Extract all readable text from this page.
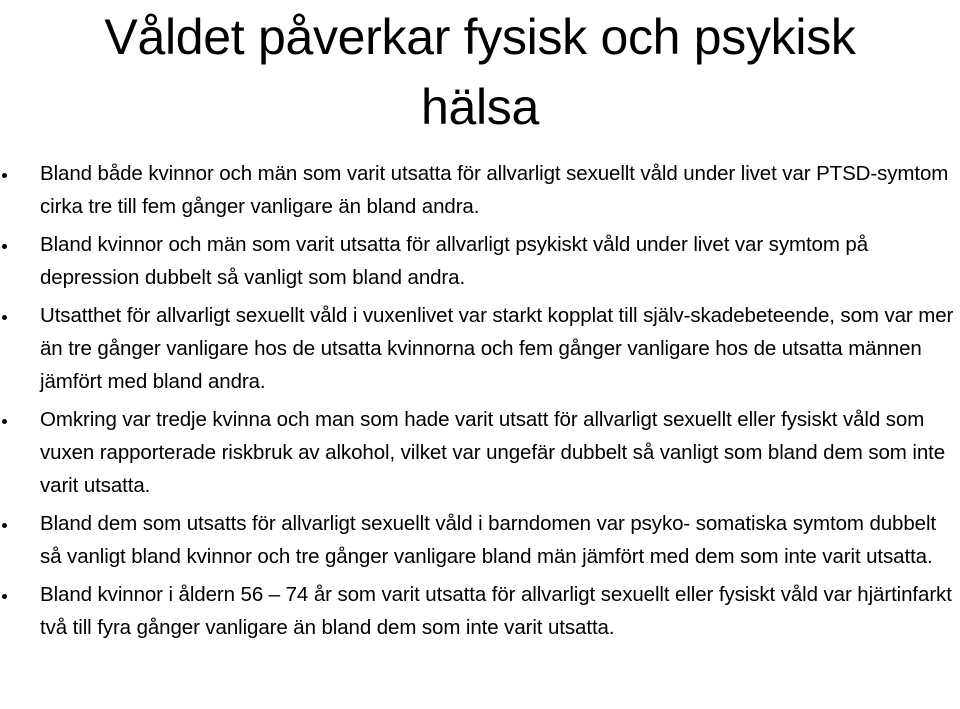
Våldet påverkar fysisk och psykisk
hälsa
Bland både kvinnor och män som varit utsatta för allvarligt sexuellt våld under livet var PTSD-symtom cirka tre till fem gånger vanligare än bland andra.
Bland kvinnor och män som varit utsatta för allvarligt psykiskt våld under livet var symtom på depression dubbelt så vanligt som bland andra.
Utsatthet för allvarligt sexuellt våld i vuxenlivet var starkt kopplat till själv-skadebeteende, som var mer än tre gånger vanligare hos de utsatta kvinnorna och fem gånger vanligare hos de utsatta männen jämfört med bland andra.
Omkring var tredje kvinna och man som hade varit utsatt för allvarligt sexuellt eller fysiskt våld som vuxen rapporterade riskbruk av alkohol, vilket var ungefär dubbelt så vanligt som bland dem som inte varit utsatta.
Bland dem som utsatts för allvarligt sexuellt våld i barndomen var psyko- somatiska symtom dubbelt så vanligt bland kvinnor och tre gånger vanligare bland män jämfört med dem som inte varit utsatta.
Bland kvinnor i åldern 56 – 74 år som varit utsatta för allvarligt sexuellt eller fysiskt våld var hjärtinfarkt två till fyra gånger vanligare än bland dem som inte varit utsatta.
